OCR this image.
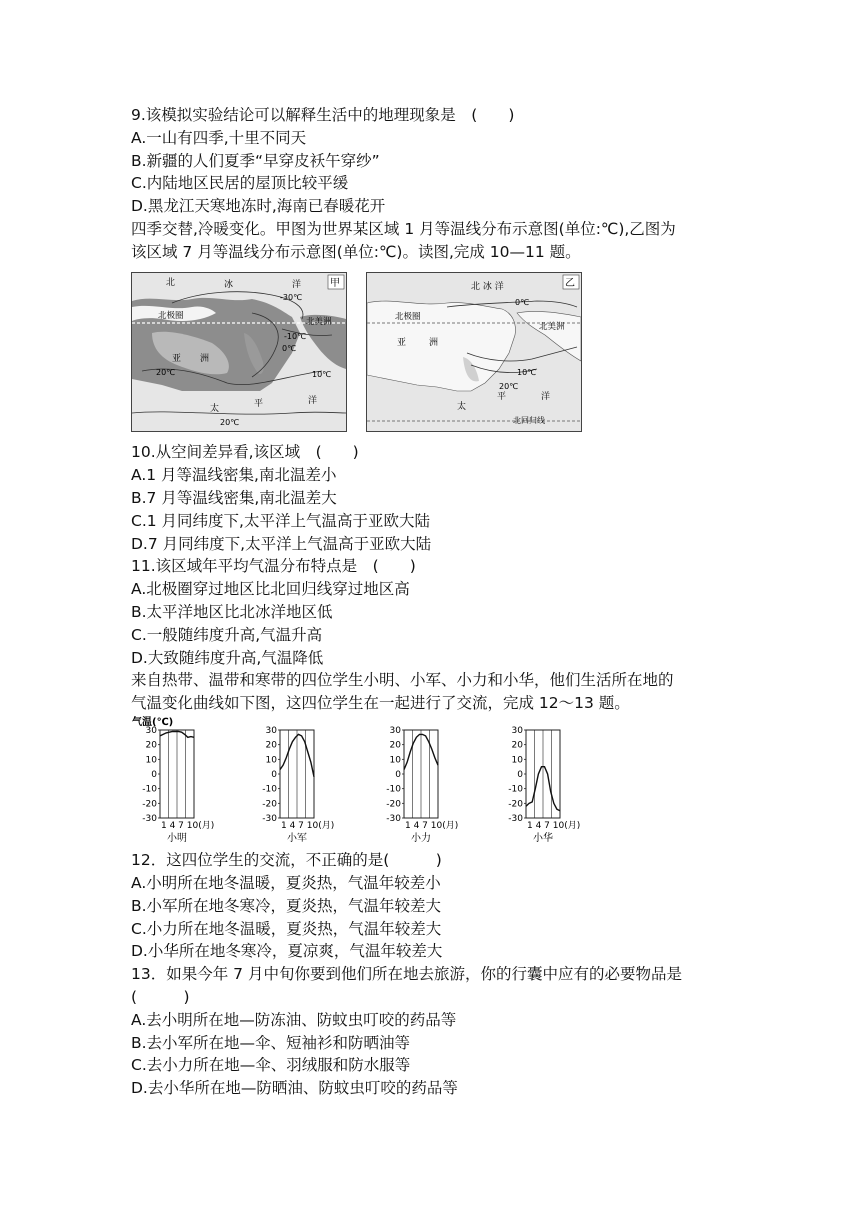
9.该模拟实验结论可以解释生活中的地理现象是　(　　)
A.一山有四季,十里不同天
B.新疆的人们夏季“早穿皮袄午穿纱”
C.内陆地区民居的屋顶比较平缓
D.黑龙江天寒地冻时,海南已春暖花开
四季交替,冷暖变化。甲图为世界某区域 1 月等温线分布示意图(单位:℃),乙图为
该区域 7 月等温线分布示意图(单位:℃)。读图,完成 10—11 题。
甲
北	冰	洋
北极圈
北美洲
亚 洲
太	平	洋
-30℃
-10℃
0℃
20℃	10℃
20℃
乙
北 冰 洋
北极圈
北美洲
亚	洲
太
平	洋
北回归线
0℃
10℃
20℃
10.从空间差异看,该区域　(　　)
A.1 月等温线密集,南北温差小
B.7 月等温线密集,南北温差大
C.1 月同纬度下,太平洋上气温高于亚欧大陆
D.7 月同纬度下,太平洋上气温高于亚欧大陆
11.该区域年平均气温分布特点是　(　　)
A.北极圈穿过地区比北回归线穿过地区高
B.太平洋地区比北冰洋地区低
C.一般随纬度升高,气温升高
D.大致随纬度升高,气温降低
来自热带、温带和寒带的四位学生小明、小军、小力和小华，他们生活所在地的
气温变化曲线如下图，这四位学生在一起进行了交流，完成 12～13 题。
气温(℃)
30
20
10
0
-10
-20
-30
1 4 7 10(月)
小明
30
20
10
0
-10
-20
-30
1 4 7 10(月)
小军
30
20
10
0
-10
-20
-30
1 4 7 10(月)
小力
30
20
10
0
-10
-20
-30
1 4 7 10(月)
小华
12．这四位学生的交流，不正确的是(　　　)
A.小明所在地冬温暖，夏炎热，气温年较差小
B.小军所在地冬寒冷，夏炎热，气温年较差大
C.小力所在地冬温暖，夏炎热，气温年较差大
D.小华所在地冬寒冷，夏凉爽，气温年较差大
13．如果今年 7 月中旬你要到他们所在地去旅游，你的行囊中应有的必要物品是
(　　　)
A.去小明所在地—防冻油、防蚊虫叮咬的药品等
B.去小军所在地—伞、短袖衫和防晒油等
C.去小力所在地—伞、羽绒服和防水服等
D.去小华所在地—防晒油、防蚊虫叮咬的药品等
